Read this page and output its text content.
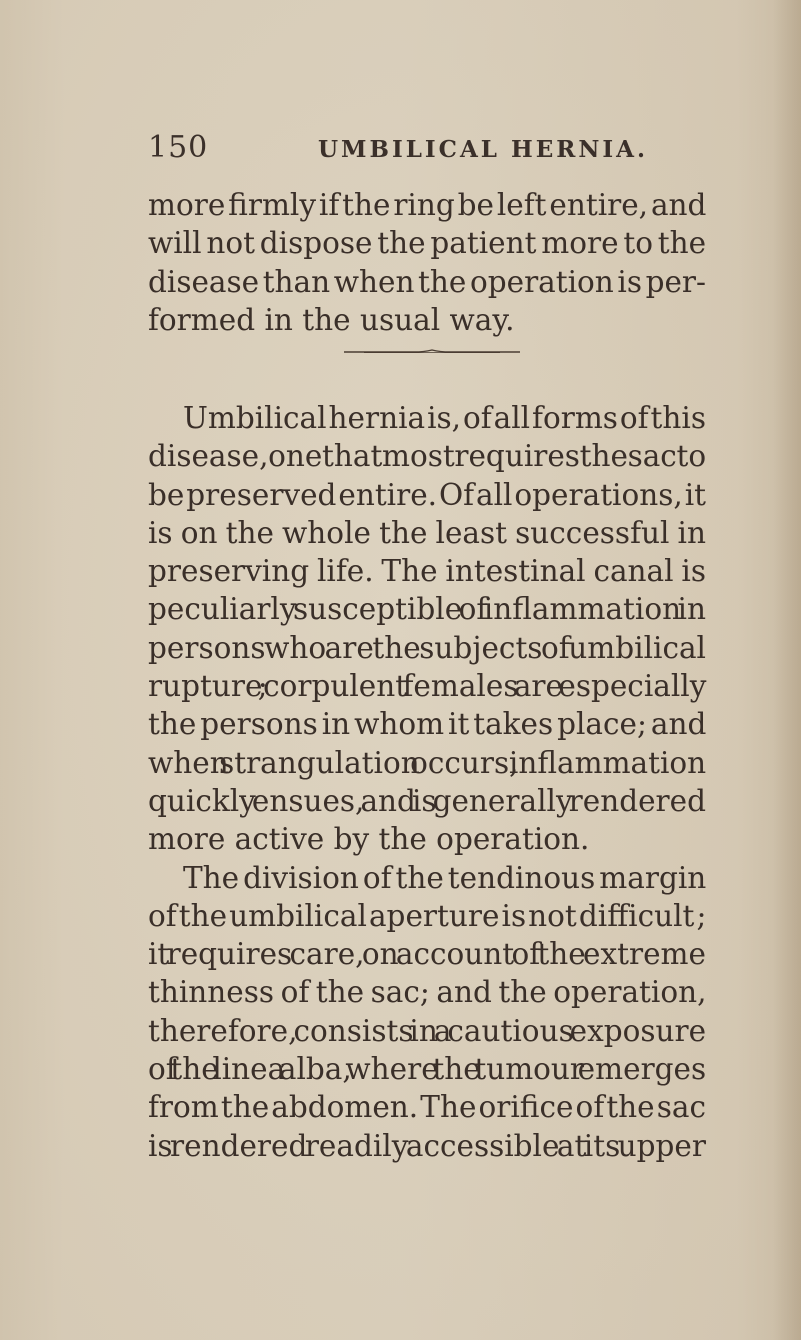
150	UMBILICAL HERNIA.
more firmly if the ring be left entire, and
will not dispose the patient more to the
disease than when the operation is per-
formed in the usual way.
Umbilical hernia is, of all forms of this
disease, one that most requires the sac to
be preserved entire. Of all operations, it
is on the whole the least successful in
preserving life. The intestinal canal is
peculiarly susceptible of inflammation in
persons who are the subjects of umbilical
rupture ; corpulent females are especially
the persons in whom it takes place; and
when strangulation occurs, inflammation
quickly ensues, and is generally rendered
more active by the operation.
The division of the tendinous margin
of the umbilical aperture is not difficult ;
it requires care, on account of the extreme
thinness of the sac; and the operation,
therefore, consists in a cautious exposure
of the linea alba, where the tumour emerges
from the abdomen. The orifice of the sac
is rendered readily accessible at its upper
